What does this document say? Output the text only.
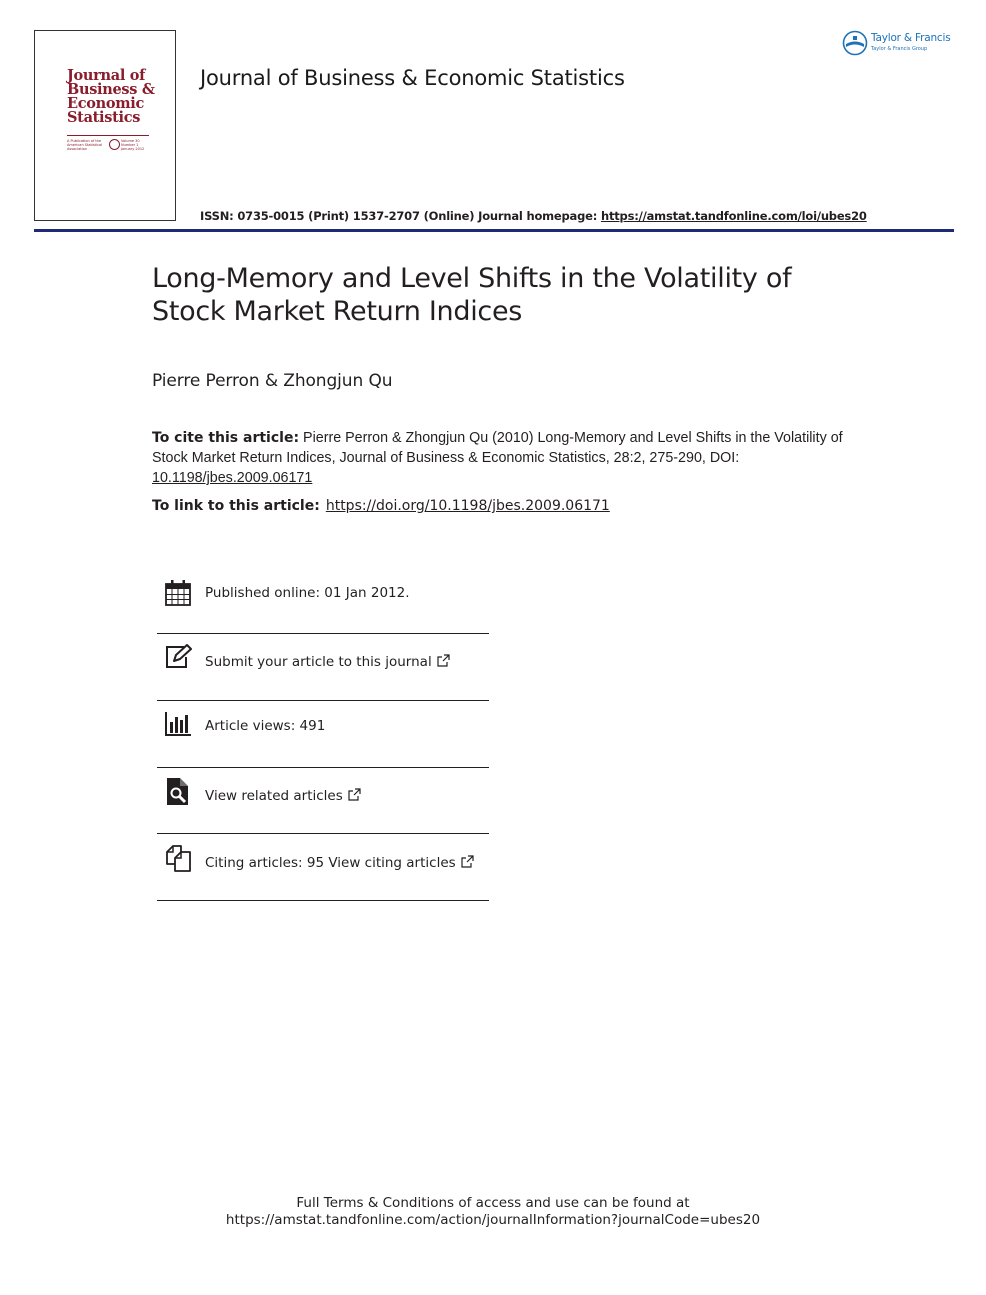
Journal of
Business &
Economic
Statistics
A Publication of the American Statistical Association
Volume 30 Number 1 January 2012
Journal of Business & Economic Statistics
Taylor & Francis
Taylor & Francis Group
ISSN: 0735-0015 (Print) 1537-2707 (Online) Journal homepage: https://amstat.tandfonline.com/loi/ubes20
Long-Memory and Level Shifts in the Volatility of Stock Market Return Indices
Pierre Perron & Zhongjun Qu
To cite this article: Pierre Perron & Zhongjun Qu (2010) Long-Memory and Level Shifts in the Volatility of Stock Market Return Indices, Journal of Business & Economic Statistics, 28:2, 275-290, DOI: 10.1198/jbes.2009.06171
To link to this article: https://doi.org/10.1198/jbes.2009.06171
Published online: 01 Jan 2012.
Submit your article to this journal
Article views: 491
View related articles
Citing articles: 95 View citing articles
Full Terms & Conditions of access and use can be found at
https://amstat.tandfonline.com/action/journalInformation?journalCode=ubes20
